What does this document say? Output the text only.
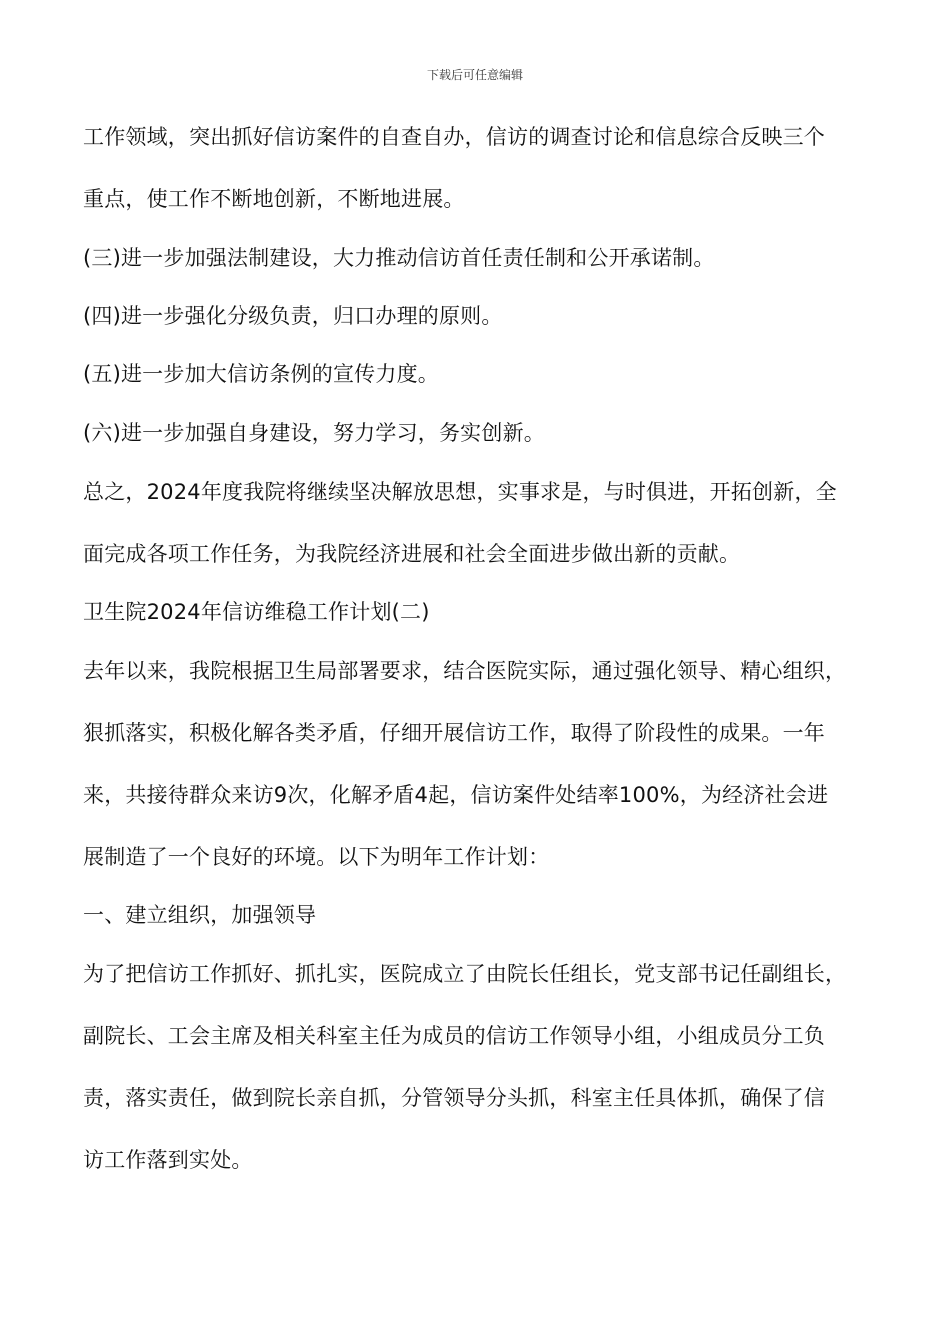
下载后可任意编辑
工作领域，突出抓好信访案件的自查自办，信访的调查讨论和信息综合反映三个
重点，使工作不断地创新，不断地进展。
(三)进一步加强法制建设，大力推动信访首任责任制和公开承诺制。
(四)进一步强化分级负责，归口办理的原则。
(五)进一步加大信访条例的宣传力度。
(六)进一步加强自身建设，努力学习，务实创新。
总之，2024年度我院将继续坚决解放思想，实事求是，与时俱进，开拓创新，全
面完成各项工作任务，为我院经济进展和社会全面进步做出新的贡献。
卫生院2024年信访维稳工作计划(二)
去年以来，我院根据卫生局部署要求，结合医院实际，通过强化领导、精心组织，
狠抓落实，积极化解各类矛盾，仔细开展信访工作，取得了阶段性的成果。一年
来，共接待群众来访9次，化解矛盾4起，信访案件处结率100%，为经济社会进
展制造了一个良好的环境。以下为明年工作计划：
一、建立组织，加强领导
为了把信访工作抓好、抓扎实，医院成立了由院长任组长，党支部书记任副组长，
副院长、工会主席及相关科室主任为成员的信访工作领导小组，小组成员分工负
责，落实责任，做到院长亲自抓，分管领导分头抓，科室主任具体抓，确保了信
访工作落到实处。
